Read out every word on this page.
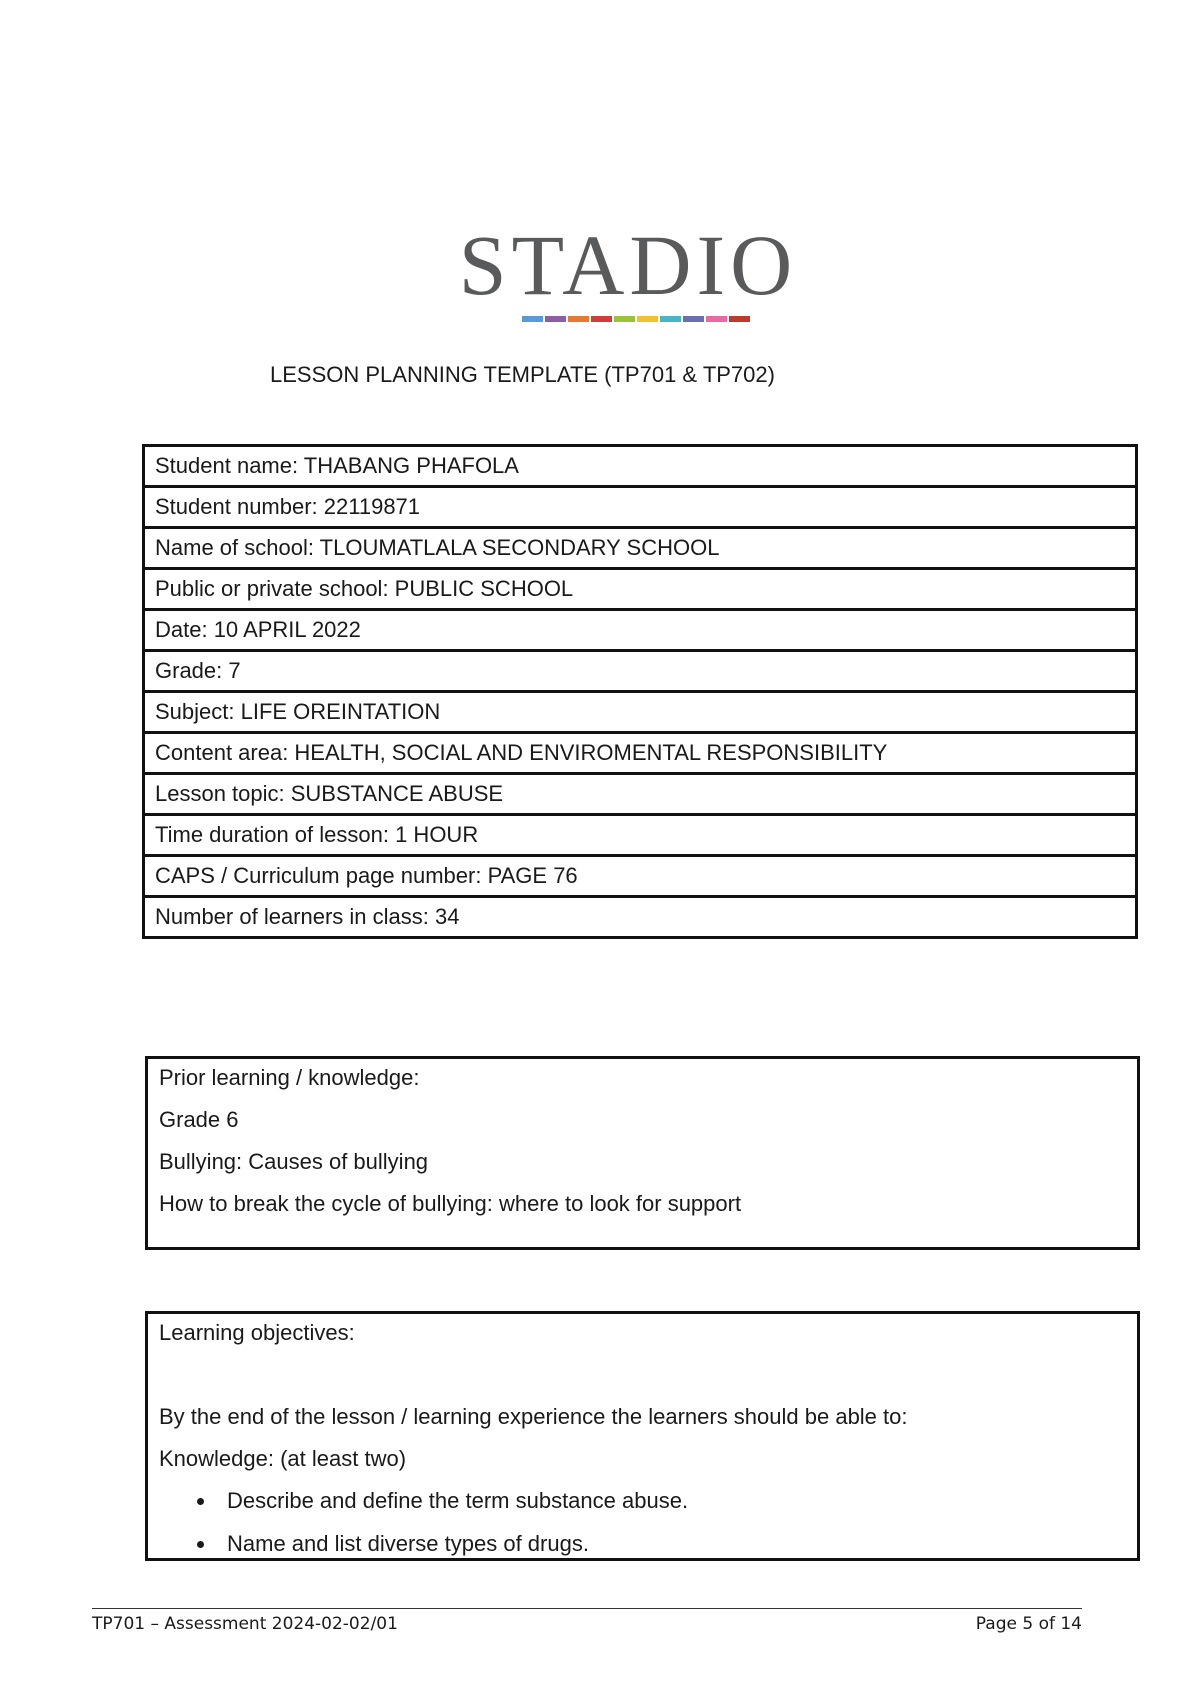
STADIO
LESSON PLANNING TEMPLATE (TP701 & TP702)
Student name: THABANG PHAFOLA
Student number: 22119871
Name of school: TLOUMATLALA SECONDARY SCHOOL
Public or private school: PUBLIC SCHOOL
Date: 10 APRIL 2022
Grade: 7
Subject: LIFE OREINTATION
Content area: HEALTH, SOCIAL AND ENVIROMENTAL RESPONSIBILITY
Lesson topic: SUBSTANCE ABUSE
Time duration of lesson: 1 HOUR
CAPS / Curriculum page number: PAGE 76
Number of learners in class: 34

Prior learning / knowledge:

Grade 6

Bullying: Causes of bullying

How to break the cycle of bullying: where to look for support

Learning objectives:

By the end of the lesson / learning experience the learners should be able to:

Knowledge: (at least two)

• Describe and define the term substance abuse.
• Name and list diverse types of drugs.
TP701 – Assessment 2024-02-02/01	Page 5 of 14
